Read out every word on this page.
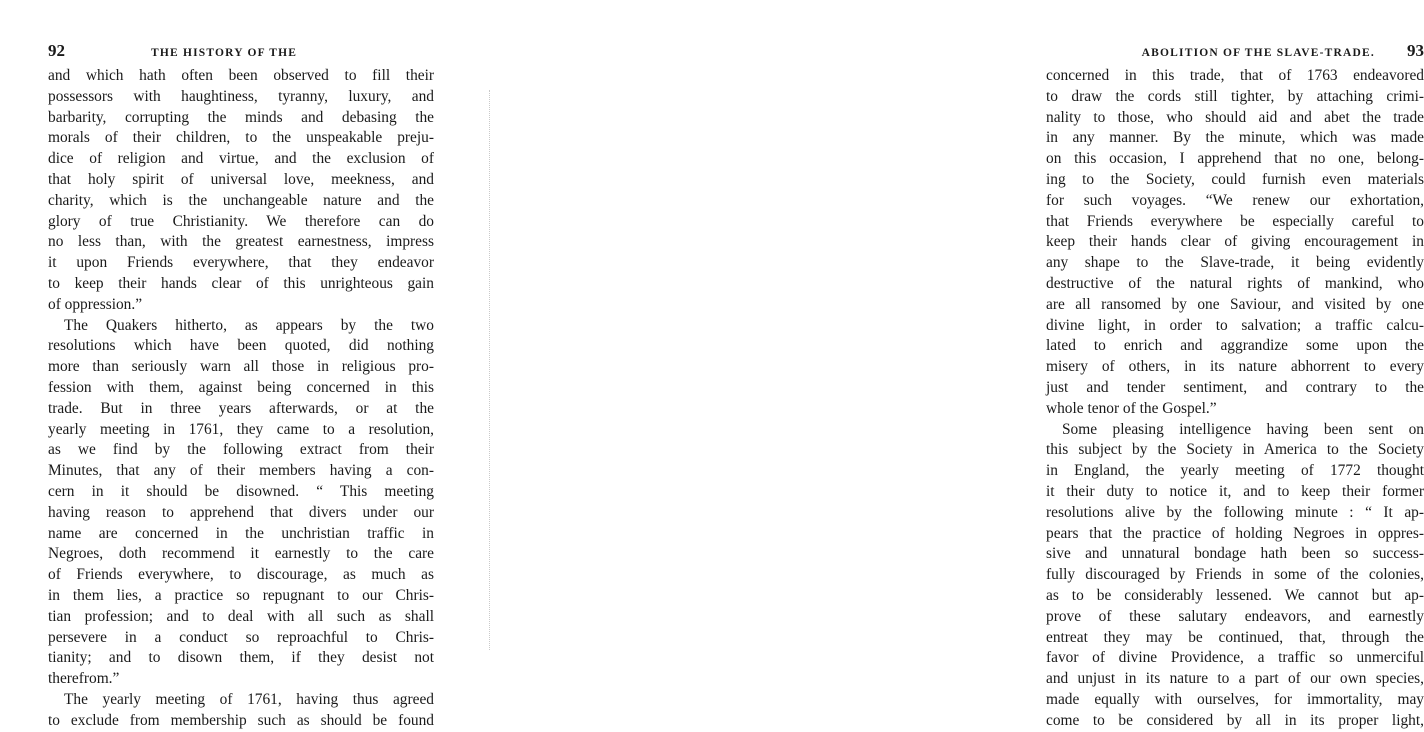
92	THE HISTORY OF THE
and which hath often been observed to fill their
possessors with haughtiness, tyranny, luxury, and
barbarity, corrupting the minds and debasing the
morals of their children, to the unspeakable preju-
dice of religion and virtue, and the exclusion of
that holy spirit of universal love, meekness, and
charity, which is the unchangeable nature and the
glory of true Christianity. We therefore can do
no less than, with the greatest earnestness, impress
it upon Friends everywhere, that they endeavor
to keep their hands clear of this unrighteous gain
of oppression.”
The Quakers hitherto, as appears by the two
resolutions which have been quoted, did nothing
more than seriously warn all those in religious pro-
fession with them, against being concerned in this
trade. But in three years afterwards, or at the
yearly meeting in 1761, they came to a resolution,
as we find by the following extract from their
Minutes, that any of their members having a con-
cern in it should be disowned. “ This meeting
having reason to apprehend that divers under our
name are concerned in the unchristian traffic in
Negroes, doth recommend it earnestly to the care
of Friends everywhere, to discourage, as much as
in them lies, a practice so repugnant to our Chris-
tian profession; and to deal with all such as shall
persevere in a conduct so reproachful to Chris-
tianity; and to disown them, if they desist not
therefrom.”
The yearly meeting of 1761, having thus agreed
to exclude from membership such as should be found
ABOLITION OF THE SLAVE-TRADE. 93
concerned in this trade, that of 1763 endeavored
to draw the cords still tighter, by attaching crimi-
nality to those, who should aid and abet the trade
in any manner. By the minute, which was made
on this occasion, I apprehend that no one, belong-
ing to the Society, could furnish even materials
for such voyages. “We renew our exhortation,
that Friends everywhere be especially careful to
keep their hands clear of giving encouragement in
any shape to the Slave-trade, it being evidently
destructive of the natural rights of mankind, who
are all ransomed by one Saviour, and visited by one
divine light, in order to salvation; a traffic calcu-
lated to enrich and aggrandize some upon the
misery of others, in its nature abhorrent to every
just and tender sentiment, and contrary to the
whole tenor of the Gospel.”
Some pleasing intelligence having been sent on
this subject by the Society in America to the Society
in England, the yearly meeting of 1772 thought
it their duty to notice it, and to keep their former
resolutions alive by the following minute : “ It ap-
pears that the practice of holding Negroes in oppres-
sive and unnatural bondage hath been so success-
fully discouraged by Friends in some of the colonies,
as to be considerably lessened. We cannot but ap-
prove of these salutary endeavors, and earnestly
entreat they may be continued, that, through the
favor of divine Providence, a traffic so unmerciful
and unjust in its nature to a part of our own species,
made equally with ourselves, for immortality, may
come to be considered by all in its proper light,
